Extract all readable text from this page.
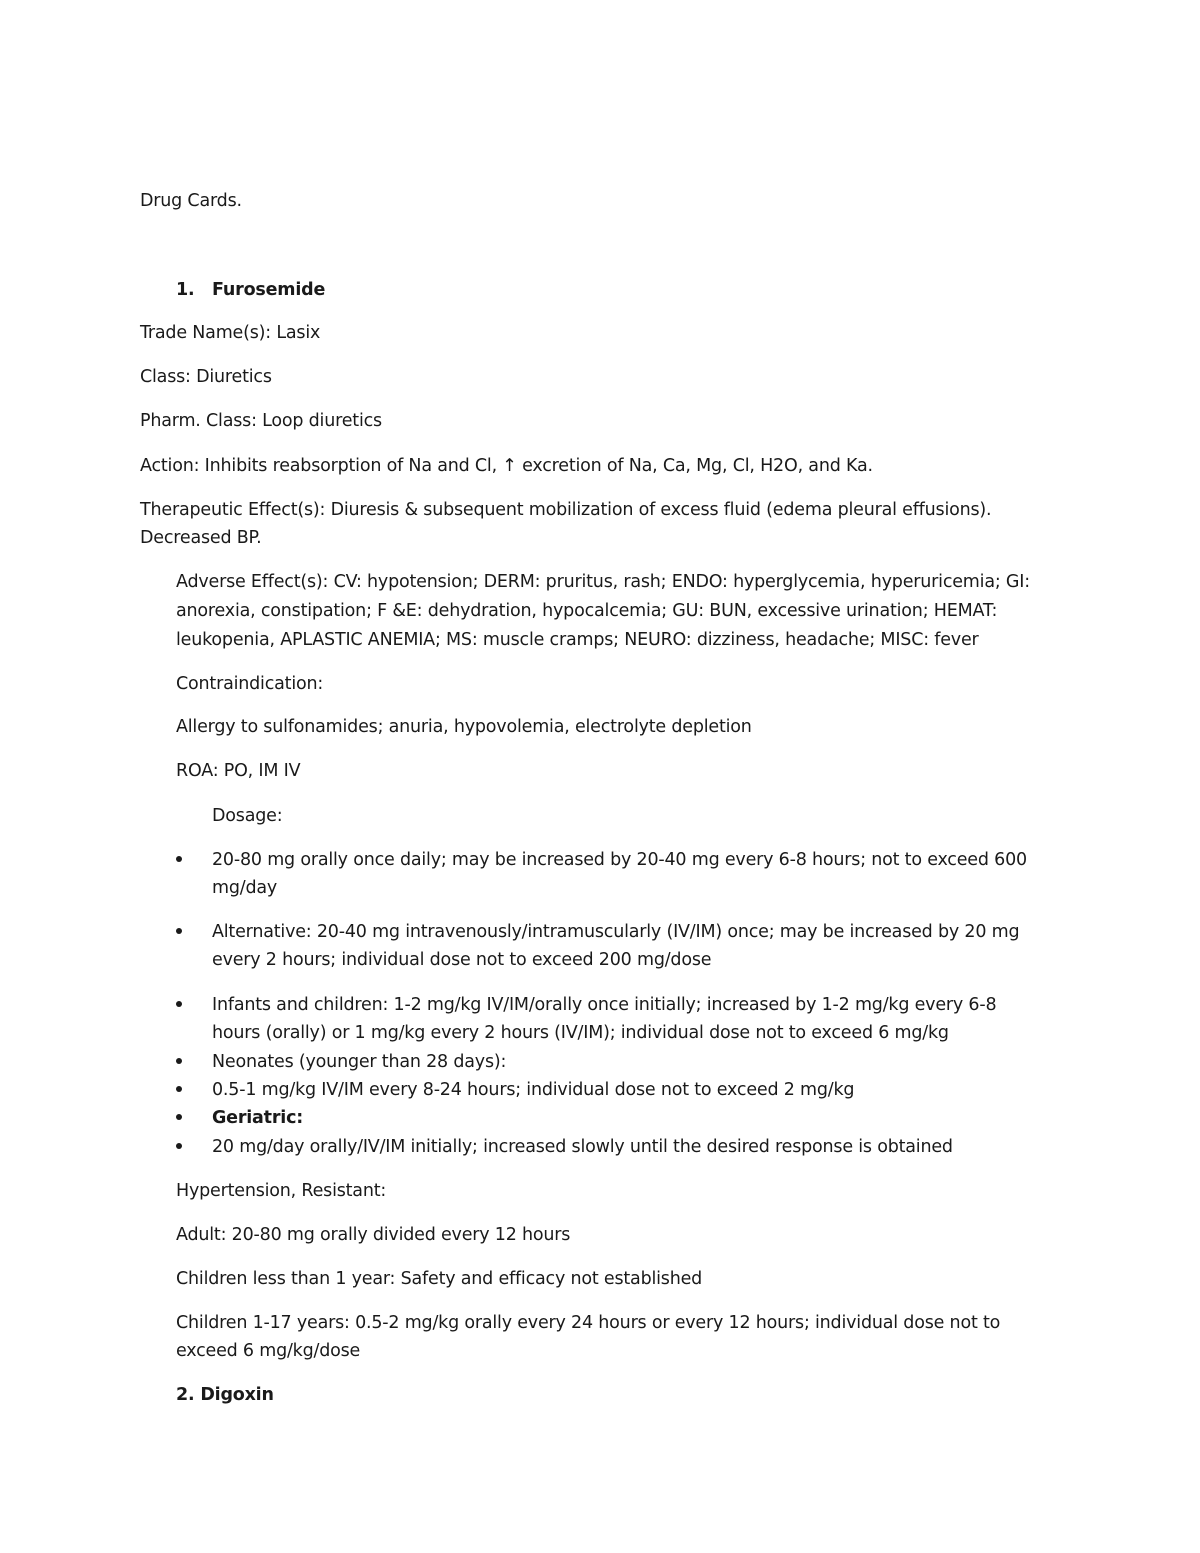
Drug Cards.
1. Furosemide
Trade Name(s): Lasix
Class: Diuretics
Pharm. Class: Loop diuretics
Action: Inhibits reabsorption of Na and Cl, ↑ excretion of Na, Ca, Mg, Cl, H2O, and Ka.
Therapeutic Effect(s): Diuresis & subsequent mobilization of excess fluid (edema pleural effusions).
Decreased BP.
Adverse Effect(s): CV: hypotension; DERM: pruritus, rash; ENDO: hyperglycemia, hyperuricemia; GI:
anorexia, constipation; F &E: dehydration, hypocalcemia; GU: BUN, excessive urination; HEMAT:
leukopenia, APLASTIC ANEMIA; MS: muscle cramps; NEURO: dizziness, headache; MISC: fever
Contraindication:
Allergy to sulfonamides; anuria, hypovolemia, electrolyte depletion
ROA: PO, IM IV
Dosage:
20-80 mg orally once daily; may be increased by 20-40 mg every 6-8 hours; not to exceed 600
mg/day
Alternative: 20-40 mg intravenously/intramuscularly (IV/IM) once; may be increased by 20 mg
every 2 hours; individual dose not to exceed 200 mg/dose
Infants and children: 1-2 mg/kg IV/IM/orally once initially; increased by 1-2 mg/kg every 6-8
hours (orally) or 1 mg/kg every 2 hours (IV/IM); individual dose not to exceed 6 mg/kg
Neonates (younger than 28 days):
0.5-1 mg/kg IV/IM every 8-24 hours; individual dose not to exceed 2 mg/kg
Geriatric:
20 mg/day orally/IV/IM initially; increased slowly until the desired response is obtained
Hypertension, Resistant:
Adult: 20-80 mg orally divided every 12 hours
Children less than 1 year: Safety and efficacy not established
Children 1-17 years: 0.5-2 mg/kg orally every 24 hours or every 12 hours; individual dose not to
exceed 6 mg/kg/dose
2. Digoxin
